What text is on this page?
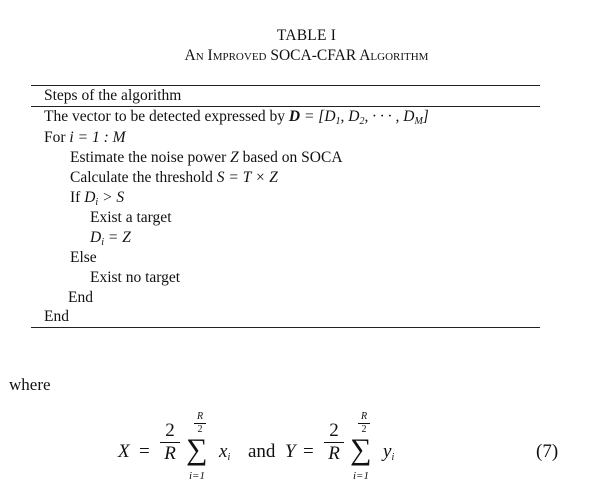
TABLE I
An Improved SOCA-CFAR Algorithm
Steps of the algorithm
The vector to be detected expressed by $D = [D_1$, $D_2$, · · · , $D_M$]
For i = 1 : M
Estimate the noise power Z based on SOCA
Calculate the threshold S = T × Z
If $D_i > S$
Exist a target
$D_i = Z$
Else
Exist no target
End
End
where
X =
2
R
R
2
∑
i=1
$x_i$ and Y =
2
R
R
2
∑
i=1
$y_i$	(7)
